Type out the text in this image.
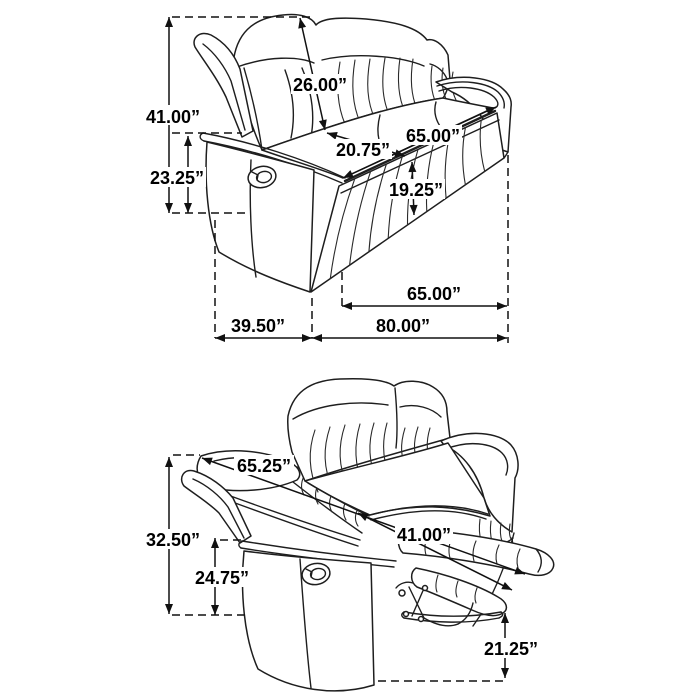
41.00”
23.25”
26.00”
20.75”
65.00”
19.25”
65.00”
39.50”	80.00”
65.25”
32.50”
24.75”
41.00”
21.25”
